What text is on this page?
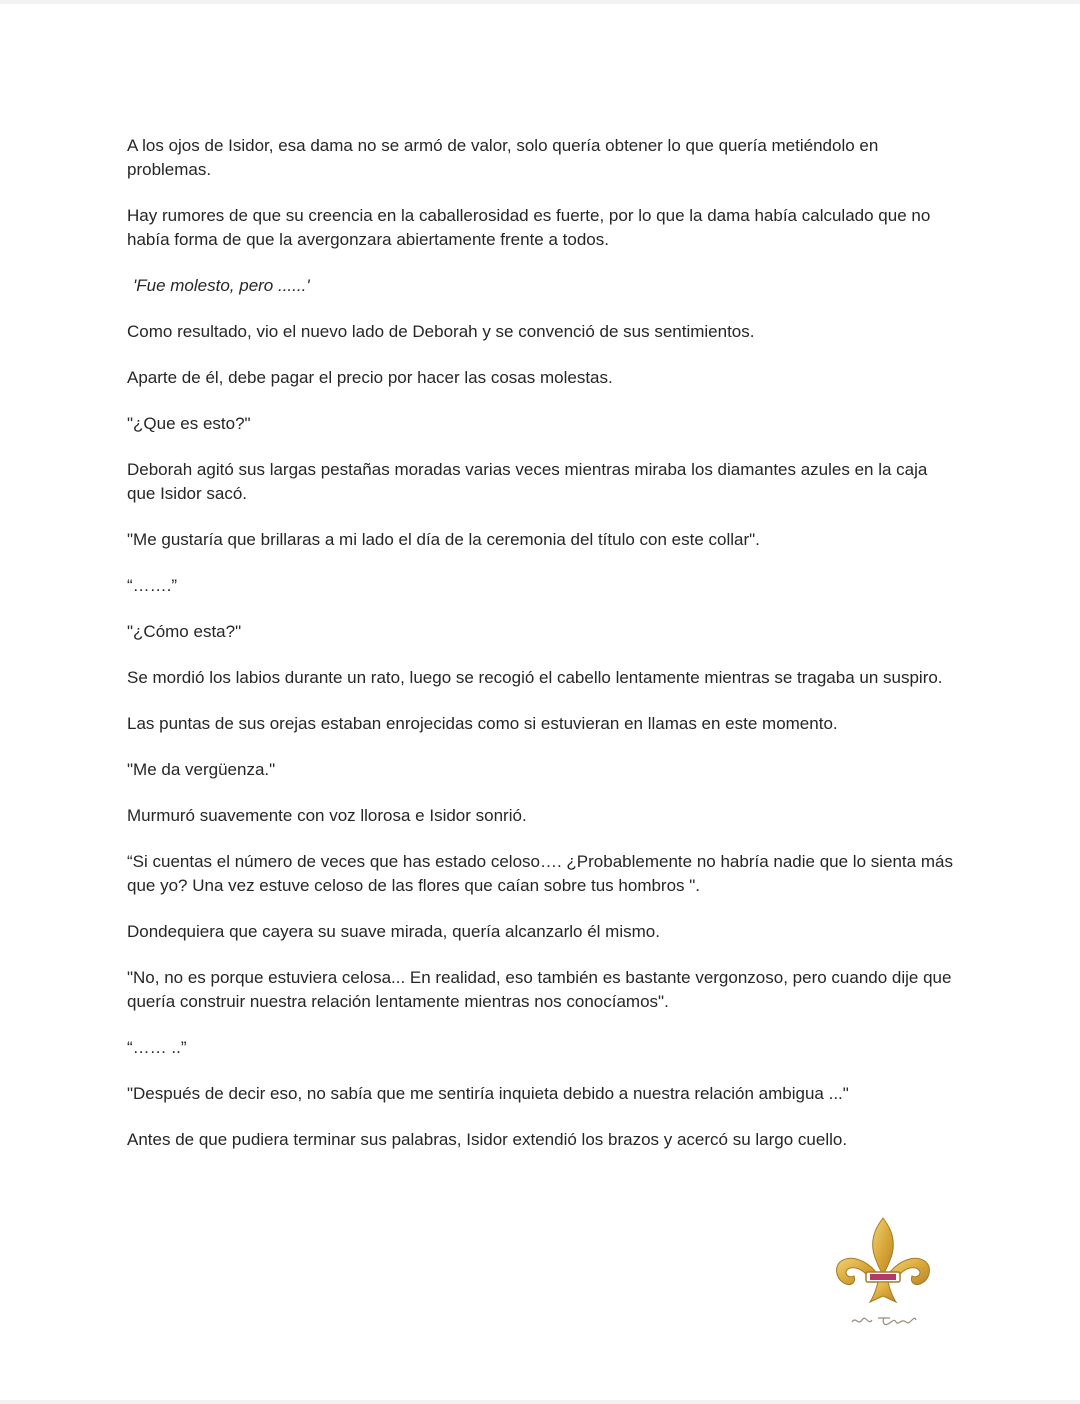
A los ojos de Isidor, esa dama no se armó de valor, solo quería obtener lo que quería metiéndolo en problemas.

Hay rumores de que su creencia en la caballerosidad es fuerte, por lo que la dama había calculado que no había forma de que la avergonzara abiertamente frente a todos.

'Fue molesto, pero ......'

Como resultado, vio el nuevo lado de Deborah y se convenció de sus sentimientos.

Aparte de él, debe pagar el precio por hacer las cosas molestas.

"¿Que es esto?"

Deborah agitó sus largas pestañas moradas varias veces mientras miraba los diamantes azules en la caja que Isidor sacó.

"Me gustaría que brillaras a mi lado el día de la ceremonia del título con este collar".

“…….”

"¿Cómo esta?"

Se mordió los labios durante un rato, luego se recogió el cabello lentamente mientras se tragaba un suspiro.

Las puntas de sus orejas estaban enrojecidas como si estuvieran en llamas en este momento.

"Me da vergüenza."

Murmuró suavemente con voz llorosa e Isidor sonrió.

“Si cuentas el número de veces que has estado celoso…. ¿Probablemente no habría nadie que lo sienta más que yo? Una vez estuve celoso de las flores que caían sobre tus hombros ".

Dondequiera que cayera su suave mirada, quería alcanzarlo él mismo.

"No, no es porque estuviera celosa... En realidad, eso también es bastante vergonzoso, pero cuando dije que quería construir nuestra relación lentamente mientras nos conocíamos".

“…… ..”

"Después de decir eso, no sabía que me sentiría inquieta debido a nuestra relación ambigua ..."

Antes de que pudiera terminar sus palabras, Isidor extendió los brazos y acercó su largo cuello.
